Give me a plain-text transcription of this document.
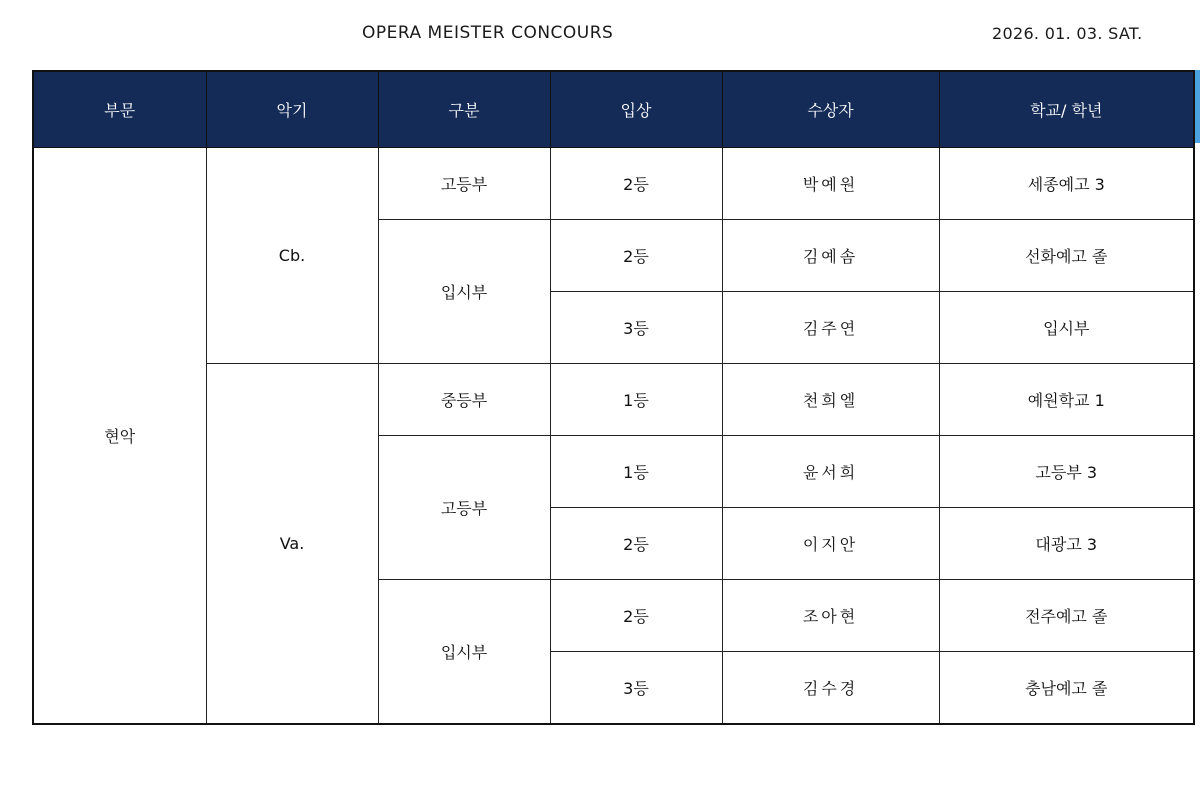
OPERA MEISTER CONCOURS	2026. 01. 03. SAT.
부문	악기	구분	입상	수상자	학교/ 학년
현악	Cb.	고등부	2등	박예원	세종예고 3
		입시부	2등	김예솜	선화예고 졸
			3등	김주연	입시부
	Va.	중등부	1등	천희엘	예원학교 1
		고등부	1등	윤서희	고등부 3
			2등	이지안	대광고 3
		입시부	2등	조아현	전주예고 졸
			3등	김수경	충남예고 졸
